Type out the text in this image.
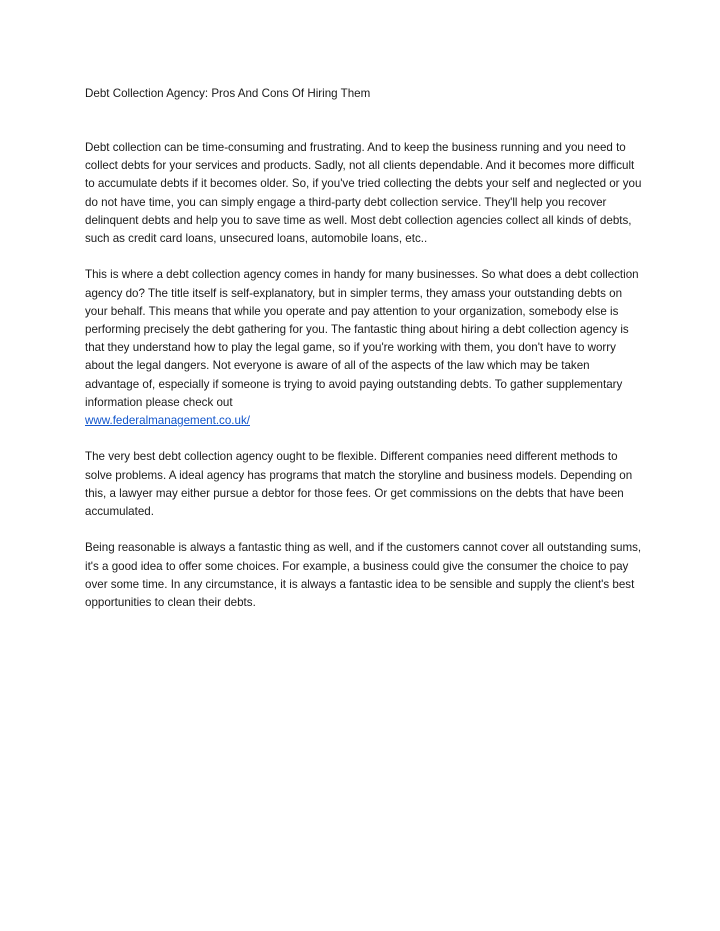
Debt Collection Agency: Pros And Cons Of Hiring Them

Debt collection can be time-consuming and frustrating. And to keep the business running and you need to collect debts for your services and products. Sadly, not all clients dependable. And it becomes more difficult to accumulate debts if it becomes older. So, if you've tried collecting the debts your self and neglected or you do not have time, you can simply engage a third-party debt collection service. They'll help you recover delinquent debts and help you to save time as well. Most debt collection agencies collect all kinds of debts, such as credit card loans, unsecured loans, automobile loans, etc..

This is where a debt collection agency comes in handy for many businesses. So what does a debt collection agency do? The title itself is self-explanatory, but in simpler terms, they amass your outstanding debts on your behalf. This means that while you operate and pay attention to your organization, somebody else is performing precisely the debt gathering for you. The fantastic thing about hiring a debt collection agency is that they understand how to play the legal game, so if you're working with them, you don't have to worry about the legal dangers. Not everyone is aware of all of the aspects of the law which may be taken advantage of, especially if someone is trying to avoid paying outstanding debts. To gather supplementary information please check out
www.federalmanagement.co.uk/

The very best debt collection agency ought to be flexible. Different companies need different methods to solve problems. A ideal agency has programs that match the storyline and business models. Depending on this, a lawyer may either pursue a debtor for those fees. Or get commissions on the debts that have been accumulated.

Being reasonable is always a fantastic thing as well, and if the customers cannot cover all outstanding sums, it's a good idea to offer some choices. For example, a business could give the consumer the choice to pay over some time. In any circumstance, it is always a fantastic idea to be sensible and supply the client's best opportunities to clean their debts.
